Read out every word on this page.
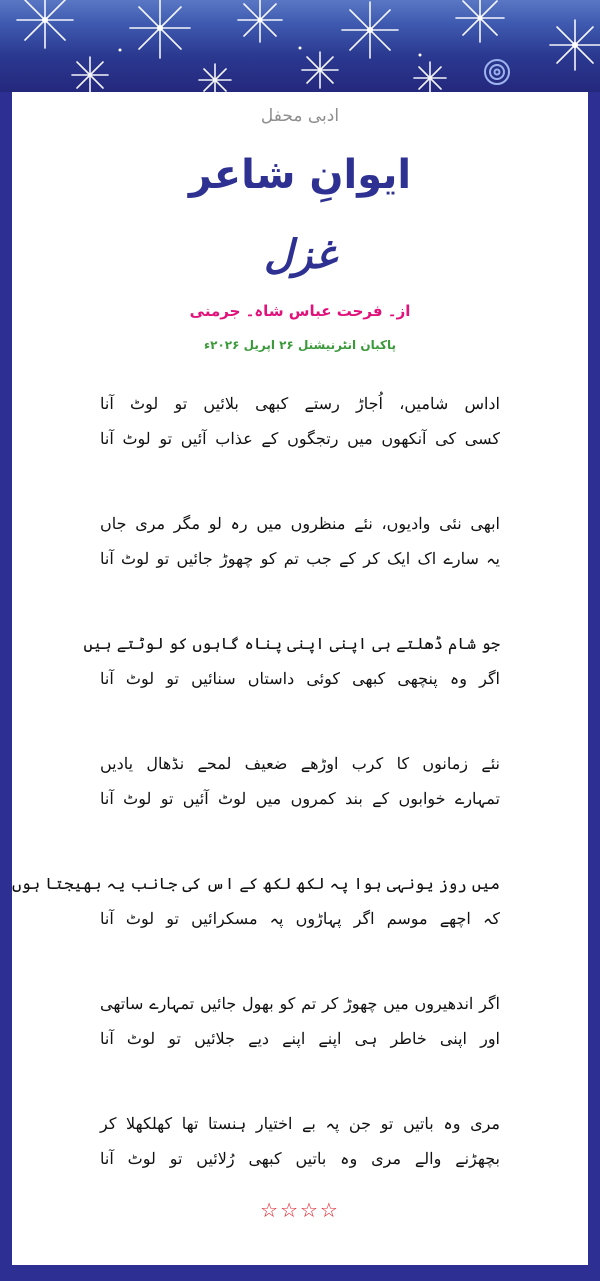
ادبی محفل
ایوانِ شاعر
غزل
از۔ فرحت عباس شاہ۔ جرمنی
پاکبان انٹرنیشنل ۲۶ اپریل ۲۰۲۶ء
اداس شامیں، اُجاڑ رستے کبھی بلائیں تو لوٹ آنا
کسی کی آنکھوں میں رتجگوں کے عذاب آئیں تو لوٹ آنا
ابھی نئی وادیوں، نئے منظروں میں رہ لو مگر مری جاں
یہ سارے اک ایک کر کے جب تم کو چھوڑ جائیں تو لوٹ آنا
جو شام ڈھلتے ہی اپنی اپنی پناہ گاہوں کو لوٹتے ہیں
اگر وہ پنچھی کبھی کوئی داستاں سنائیں تو لوٹ آنا
نئے زمانوں کا کرب اوڑھے ضعیف لمحے نڈھال یادیں
تمہارے خوابوں کے بند کمروں میں لوٹ آئیں تو لوٹ آنا
میں روز یونہی ہوا پہ لکھ لکھ کے اس کی جانب یہ بھیجتا ہوں
کہ اچھے موسم اگر پہاڑوں پہ مسکرائیں تو لوٹ آنا
اگر اندھیروں میں چھوڑ کر تم کو بھول جائیں تمہارے ساتھی
اور اپنی خاطر ہی اپنے اپنے دیے جلائیں تو لوٹ آنا
مری وہ باتیں تو جن پہ بے اختیار ہنستا تھا کھلکھلا کر
بچھڑنے والے مری وہ باتیں کبھی رُلائیں تو لوٹ آنا
☆☆☆☆
